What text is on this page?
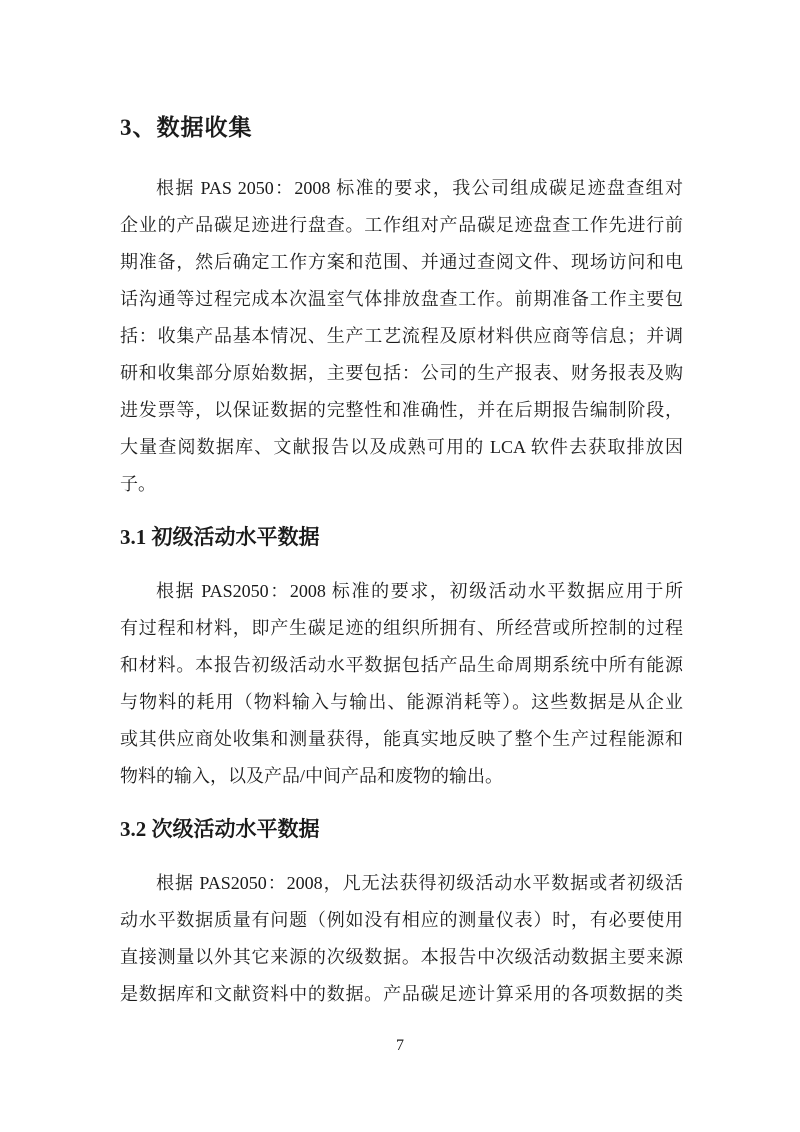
3、数据收集
根据 PAS 2050：2008 标准的要求，我公司组成碳足迹盘查组对
企业的产品碳足迹进行盘查。工作组对产品碳足迹盘查工作先进行前
期准备，然后确定工作方案和范围、并通过查阅文件、现场访问和电
话沟通等过程完成本次温室气体排放盘查工作。前期准备工作主要包
括：收集产品基本情况、生产工艺流程及原材料供应商等信息；并调
研和收集部分原始数据，主要包括：公司的生产报表、财务报表及购
进发票等，以保证数据的完整性和准确性，并在后期报告编制阶段，
大量查阅数据库、文献报告以及成熟可用的 LCA 软件去获取排放因
子。
3.1 初级活动水平数据
根据 PAS2050：2008 标准的要求，初级活动水平数据应用于所
有过程和材料，即产生碳足迹的组织所拥有、所经营或所控制的过程
和材料。本报告初级活动水平数据包括产品生命周期系统中所有能源
与物料的耗用（物料输入与输出、能源消耗等）。这些数据是从企业
或其供应商处收集和测量获得，能真实地反映了整个生产过程能源和
物料的输入，以及产品/中间产品和废物的输出。
3.2 次级活动水平数据
根据 PAS2050：2008，凡无法获得初级活动水平数据或者初级活
动水平数据质量有问题（例如没有相应的测量仪表）时，有必要使用
直接测量以外其它来源的次级数据。本报告中次级活动数据主要来源
是数据库和文献资料中的数据。产品碳足迹计算采用的各项数据的类
7
